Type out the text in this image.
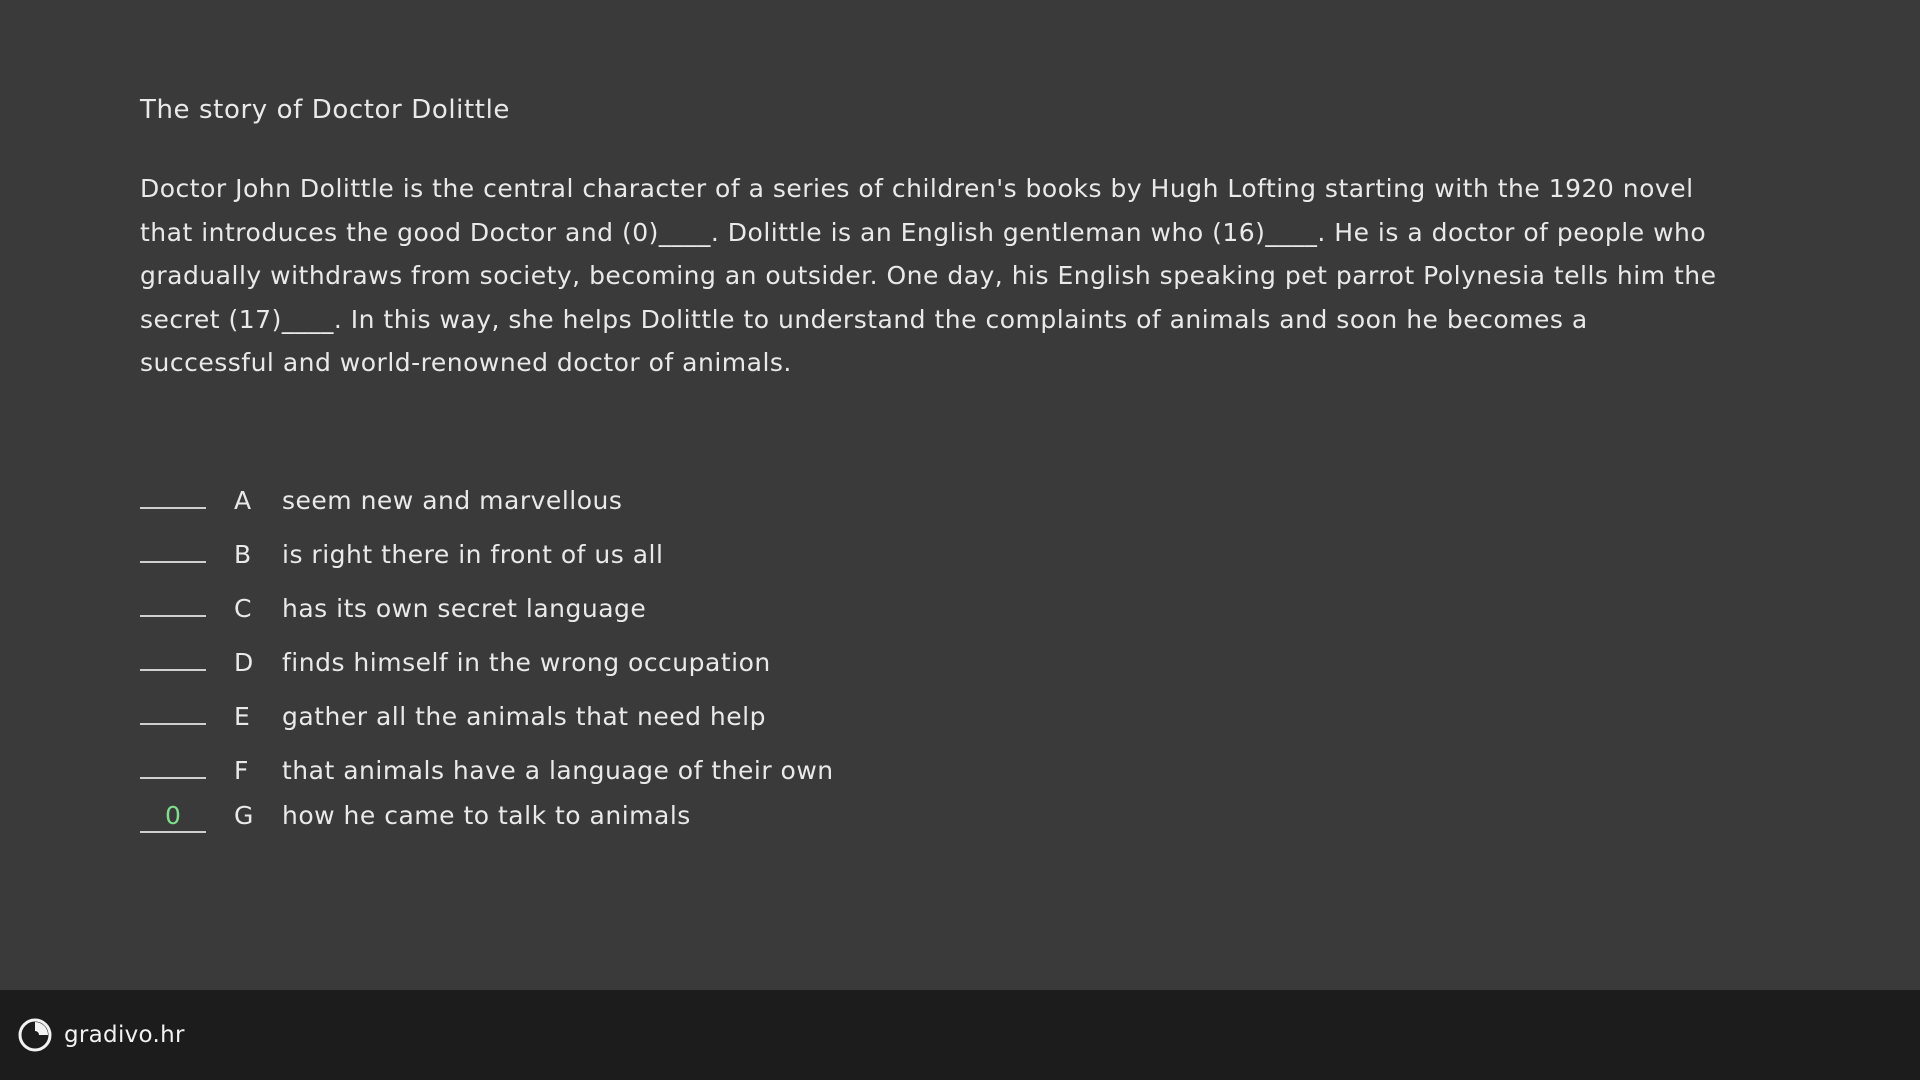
The story of Doctor Dolittle
Doctor John Dolittle is the central character of a series of children's books by Hugh Lofting starting with the 1920 novel that introduces the good Doctor and (0)____. Dolittle is an English gentleman who (16)____. He is a doctor of people who gradually withdraws from society, becoming an outsider. One day, his English speaking pet parrot Polynesia tells him the secret (17)____. In this way, she helps Dolittle to understand the complaints of animals and soon he becomes a successful and world-renowned doctor of animals.
A	seem new and marvellous
B	is right there in front of us all
C	has its own secret language
D	finds himself in the wrong occupation
E	gather all the animals that need help
F	that animals have a language of their own
0	G	how he came to talk to animals
gradivo.hr
